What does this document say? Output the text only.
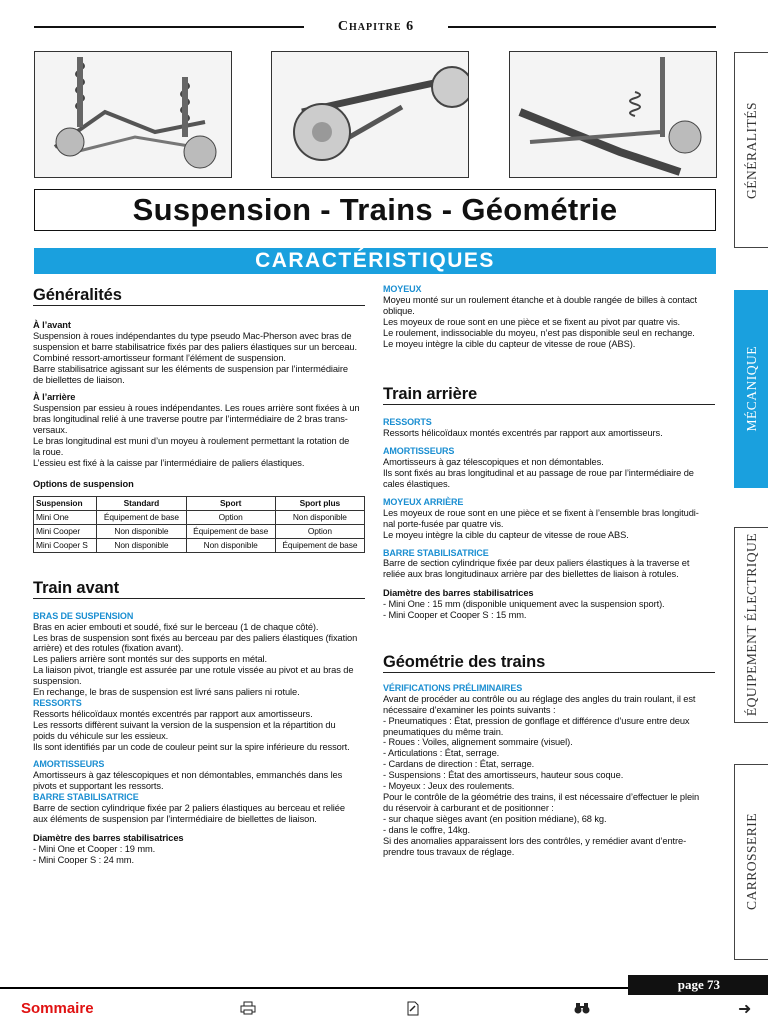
Chapitre 6
Suspension - Trains - Géométrie
CARACTÉRISTIQUES
GÉNÉRALITÉS
MÉCANIQUE
ÉQUIPEMENT ÉLECTRIQUE
CARROSSERIE
Généralités

À l’avant

Suspension à roues indépendantes du type pseudo Mac-Pherson avec bras de

suspension et barre stabilisatrice fixés par des paliers élastiques sur un berceau.

Combiné ressort-amortisseur formant l’élément de suspension.

Barre stabilisatrice agissant sur les éléments de suspension par l’intermédiaire

de biellettes de liaison.

À l’arrière

Suspension par essieu à roues indépendantes. Les roues arrière sont fixées à un

bras longitudinal relié à une traverse poutre par l’intermédiaire de 2 bras trans-

versaux.

Le bras longitudinal est muni d’un moyeu à roulement permettant la rotation de

la roue.

L’essieu est fixé à la caisse par l’intermédiaire de paliers élastiques.

Options de suspension

Suspension	Standard	Sport	Sport plus
Mini One	Équipement de base	Option	Non disponible
Mini Cooper	Non disponible	Équipement de base	Option
Mini Cooper S	Non disponible	Non disponible	Équipement de base
Train avant

BRAS DE SUSPENSION

Bras en acier embouti et soudé, fixé sur le berceau (1 de chaque côté).

Les bras de suspension sont fixés au berceau par des paliers élastiques (fixation

arrière) et des rotules (fixation avant).

Les paliers arrière sont montés sur des supports en métal.

La liaison pivot, triangle est assurée par une rotule vissée au pivot et au bras de

suspension.

En rechange, le bras de suspension est livré sans paliers ni rotule.

RESSORTS

Ressorts hélicoïdaux montés excentrés par rapport aux amortisseurs.

Les ressorts diffèrent suivant la version de la suspension et la répartition du

poids du véhicule sur les essieux.

Ils sont identifiés par un code de couleur peint sur la spire inférieure du ressort.

AMORTISSEURS

Amortisseurs à gaz télescopiques et non démontables, emmanchés dans les

pivots et supportant les ressorts.

BARRE STABILISATRICE

Barre de section cylindrique fixée par 2 paliers élastiques au berceau et reliée

aux éléments de suspension par l’intermédiaire de biellettes de liaison.

Diamètre des barres stabilisatrices

- Mini One et Cooper : 19 mm.

- Mini Cooper S : 24 mm.

MOYEUX

Moyeu monté sur un roulement étanche et à double rangée de billes à contact

oblique.

Les moyeux de roue sont en une pièce et se fixent au pivot par quatre vis.

Le roulement, indissociable du moyeu, n’est pas disponible seul en rechange.

Le moyeu intègre la cible du capteur de vitesse de roue (ABS).

Train arrière

RESSORTS

Ressorts hélicoïdaux montés excentrés par rapport aux amortisseurs.

AMORTISSEURS

Amortisseurs à gaz télescopiques et non démontables.

Ils sont fixés au bras longitudinal et au passage de roue par l’intermédiaire de

cales élastiques.

MOYEUX ARRIÈRE

Les moyeux de roue sont en une pièce et se fixent à l’ensemble bras longitudi-

nal porte-fusée par quatre vis.

Le moyeu intègre la cible du capteur de vitesse de roue ABS.

BARRE STABILISATRICE

Barre de section cylindrique fixée par deux paliers élastiques à la traverse et

reliée aux bras longitudinaux arrière par des biellettes de liaison à rotules.

Diamètre des barres stabilisatrices

- Mini One : 15 mm (disponible uniquement avec la suspension sport).

- Mini Cooper et Cooper S : 15 mm.

Géométrie des trains

VÉRIFICATIONS PRÉLIMINAIRES

Avant de procéder au contrôle ou au réglage des angles du train roulant, il est

nécessaire d’examiner les points suivants :

- Pneumatiques : État, pression de gonflage et différence d’usure entre deux

pneumatiques du même train.

- Roues : Voiles, alignement sommaire (visuel).

- Articulations : État, serrage.

- Cardans de direction : État, serrage.

- Suspensions : État des amortisseurs, hauteur sous coque.

- Moyeux : Jeux des roulements.

Pour le contrôle de la géométrie des trains, il est nécessaire d’effectuer le plein

du réservoir à carburant et de positionner :

- sur chaque sièges avant (en position médiane), 68 kg.

- dans le coffre, 14kg.

Si des anomalies apparaissent lors des contrôles, y remédier avant d’entre-

prendre tous travaux de réglage.

page 73
Sommaire	➜
